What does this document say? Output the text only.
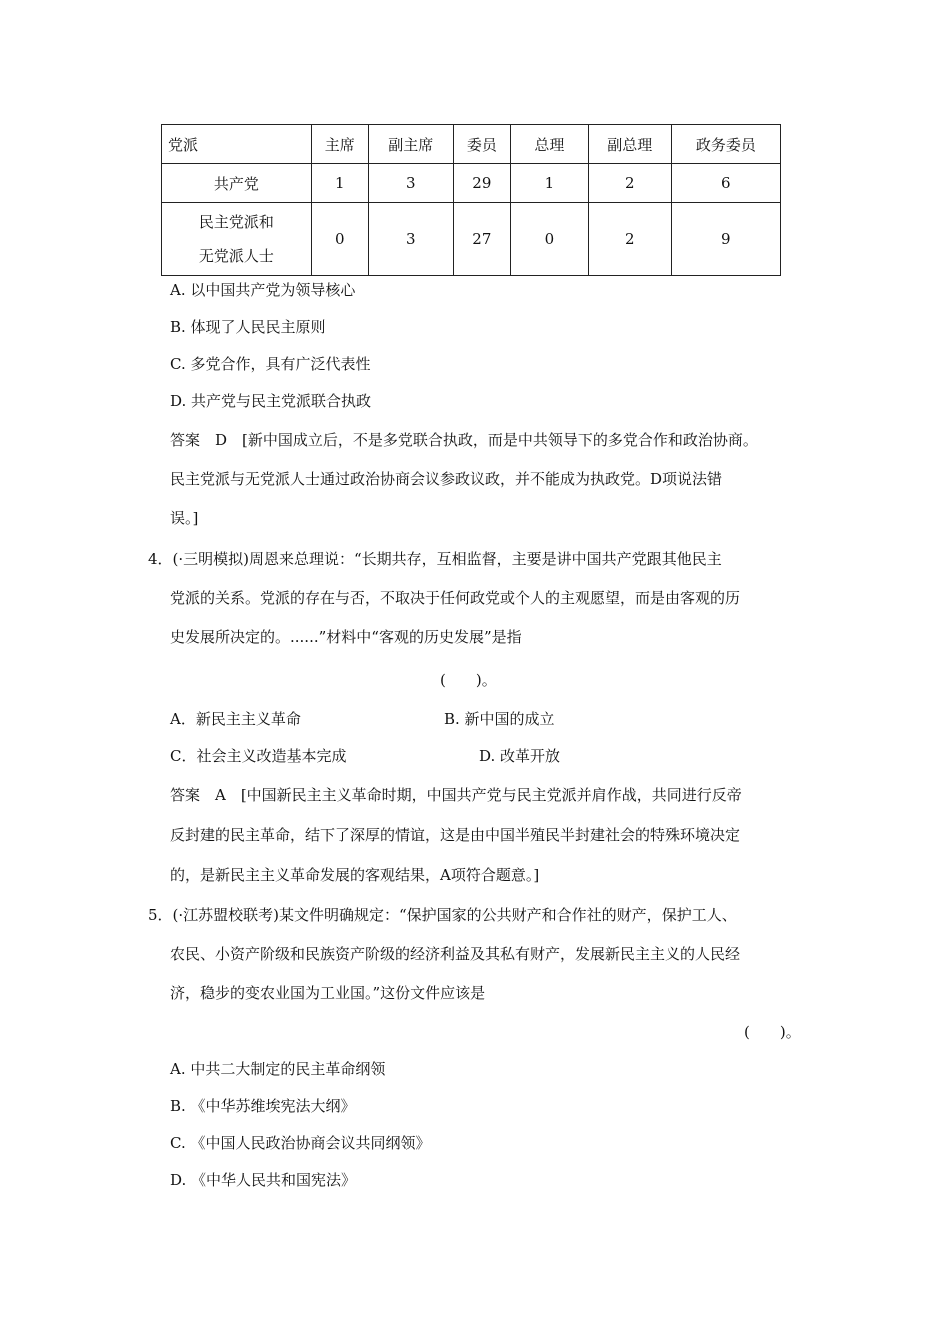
党派	主席	副主席	委员	总理	副总理	政务委员
共产党	1	3	29	1	2	6

民主党派和
无党派人士	0	3	27	0	2	9
A. 以中国共产党为领导核心
B. 体现了人民民主原则
C. 多党合作，具有广泛代表性
D. 共产党与民主党派联合执政
答案　D　[新中国成立后，不是多党联合执政，而是中共领导下的多党合作和政治协商。
民主党派与无党派人士通过政治协商会议参政议政，并不能成为执政党。D项说法错
误。]
4．(·三明模拟)周恩来总理说：“长期共存，互相监督，主要是讲中国共产党跟其他民主
党派的关系。党派的存在与否，不取决于任何政党或个人的主观愿望，而是由客观的历
史发展所决定的。......”材料中“客观的历史发展”是指
(　　)。
A．新民主主义革命	B. 新中国的成立
C．社会主义改造基本完成	D. 改革开放
答案　A　[中国新民主主义革命时期，中国共产党与民主党派并肩作战，共同进行反帝
反封建的民主革命，结下了深厚的情谊，这是由中国半殖民半封建社会的特殊环境决定
的，是新民主主义革命发展的客观结果，A项符合题意。]
5．(·江苏盟校联考)某文件明确规定：“保护国家的公共财产和合作社的财产，保护工人、
农民、小资产阶级和民族资产阶级的经济利益及其私有财产，发展新民主主义的人民经
济，稳步的变农业国为工业国。”这份文件应该是
(　　)。
A. 中共二大制定的民主革命纲领
B. 《中华苏维埃宪法大纲》
C. 《中国人民政治协商会议共同纲领》
D. 《中华人民共和国宪法》
